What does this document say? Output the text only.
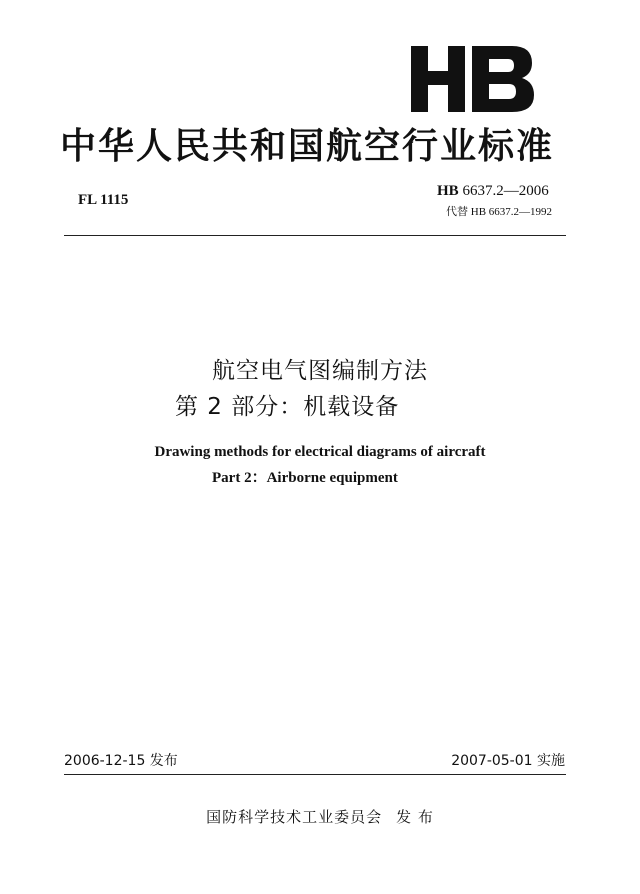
中华人民共和国航空行业标准
FL 1115
HB 6637.2—2006
代替 HB 6637.2—1992
航空电气图编制方法
第 2 部分：机载设备
Drawing methods for electrical diagrams of aircraft
Part 2：Airborne equipment
2006-12-15 发布	2007-05-01 实施
国防科学技术工业委员会 发 布
